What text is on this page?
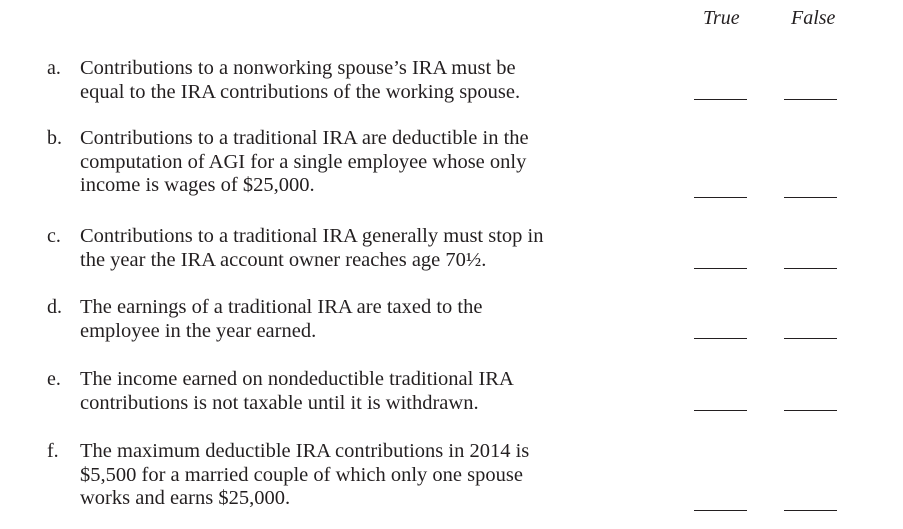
True	False
a. Contributions to a nonworking spouse’s IRA must be
equal to the IRA contributions of the working spouse.
b. Contributions to a traditional IRA are deductible in the
computation of AGI for a single employee whose only
income is wages of $25,000.
c. Contributions to a traditional IRA generally must stop in
the year the IRA account owner reaches age 70½.
d. The earnings of a traditional IRA are taxed to the
employee in the year earned.
e. The income earned on nondeductible traditional IRA
contributions is not taxable until it is withdrawn.
f. The maximum deductible IRA contributions in 2014 is
$5,500 for a married couple of which only one spouse
works and earns $25,000.
